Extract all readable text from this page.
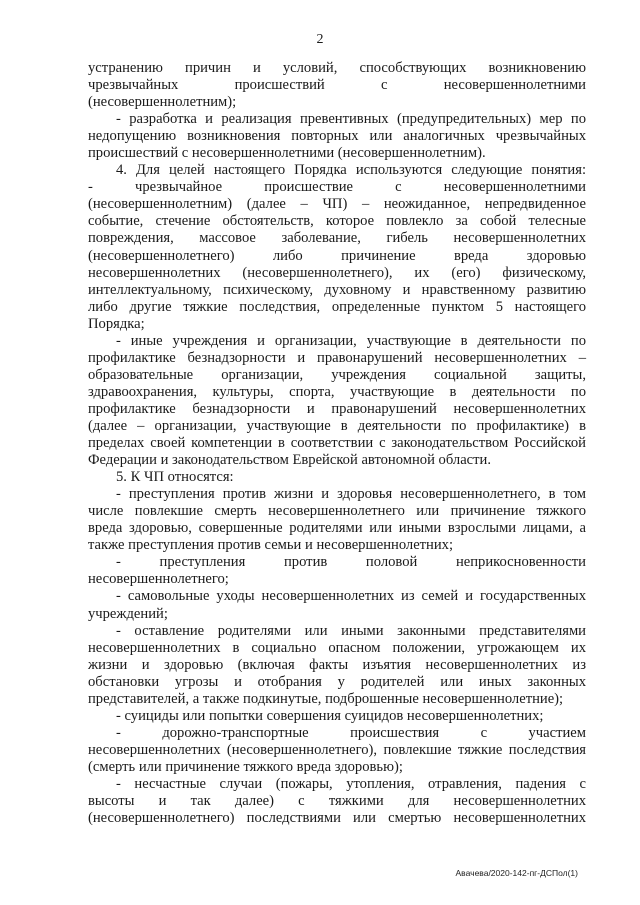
2

устранению причин и условий, способствующих возникновению

чрезвычайных происшествий с несовершеннолетними

(несовершеннолетним);

- разработка и реализация превентивных (предупредительных) мер по

недопущению возникновения повторных или аналогичных чрезвычайных

происшествий с несовершеннолетними (несовершеннолетним).

4. Для целей настоящего Порядка используются следующие понятия:

- чрезвычайное происшествие с несовершеннолетними

(несовершеннолетним) (далее – ЧП) – неожиданное, непредвиденное

событие, стечение обстоятельств, которое повлекло за собой телесные

повреждения, массовое заболевание, гибель несовершеннолетних

(несовершеннолетнего) либо причинение вреда здоровью

несовершеннолетних (несовершеннолетнего), их (его) физическому,

интеллектуальному, психическому, духовному и нравственному развитию

либо другие тяжкие последствия, определенные пунктом 5 настоящего

Порядка;

- иные учреждения и организации, участвующие в деятельности по

профилактике безнадзорности и правонарушений несовершеннолетних –

образовательные организации, учреждения социальной защиты,

здравоохранения, культуры, спорта, участвующие в деятельности по

профилактике безнадзорности и правонарушений несовершеннолетних

(далее – организации, участвующие в деятельности по профилактике) в

пределах своей компетенции в соответствии с законодательством Российской

Федерации и законодательством Еврейской автономной области.

5. К ЧП относятся:

- преступления против жизни и здоровья несовершеннолетнего, в том

числе повлекшие смерть несовершеннолетнего или причинение тяжкого

вреда здоровью, совершенные родителями или иными взрослыми лицами, а

также преступления против семьи и несовершеннолетних;

- преступления против половой неприкосновенности

несовершеннолетнего;

- самовольные уходы несовершеннолетних из семей и государственных

учреждений;

- оставление родителями или иными законными представителями

несовершеннолетних в социально опасном положении, угрожающем их

жизни и здоровью (включая факты изъятия несовершеннолетних из

обстановки угрозы и отобрания у родителей или иных законных

представителей, а также подкинутые, подброшенные несовершеннолетние);

- суициды или попытки совершения суицидов несовершеннолетних;

- дорожно-транспортные происшествия с участием

несовершеннолетних (несовершеннолетнего), повлекшие тяжкие последствия

(смерть или причинение тяжкого вреда здоровью);

- несчастные случаи (пожары, утопления, отравления, падения с

высоты и так далее) с тяжкими для несовершеннолетних

(несовершеннолетнего) последствиями или смертью несовершеннолетних

Авачева/2020-142-пг-ДСПол(1)
